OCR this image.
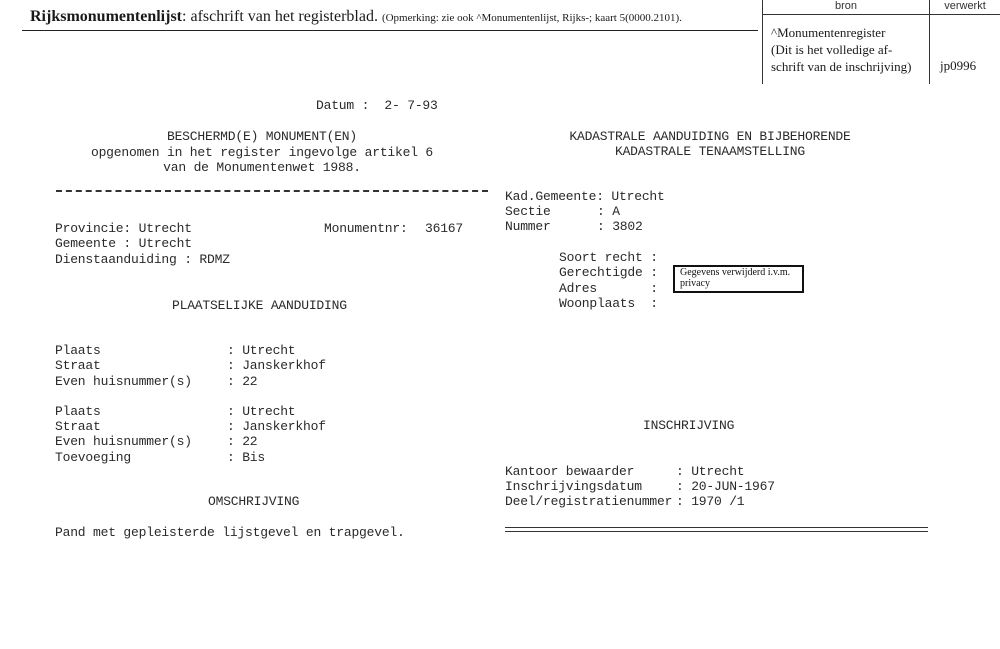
Rijksmonumentenlijst: afschrift van het registerblad. (Opmerking: zie ook ^Monumentenlijst, Rijks-; kaart 5(0000.2101).
bron	verwerkt
^Monumentenregister
(Dit is het volledige af-
schrift van de inschrijving) jp0996
Datum :  2- 7-93
BESCHERMD(E) MONUMENT(EN)
opgenomen in het register ingevolge artikel 6
van de Monumentenwet 1988.
KADASTRALE AANDUIDING EN BIJBEHORENDE
KADASTRALE TENAAMSTELLING
Provincie: Utrecht	Monumentnr: 36167
Gemeente : Utrecht
Dienstaanduiding : RDMZ
Kad.Gemeente: Utrecht
Sectie	: A
Nummer	: 3802
Soort recht :
Gerechtigde :
Adres       :
Woonplaats  :
Gegevens verwijderd i.v.m. privacy
PLAATSELIJKE AANDUIDING
Plaats	: Utrecht
Straat	: Janskerkhof
Even huisnummer(s)	: 22
Plaats	: Utrecht
Straat	: Janskerkhof
Even huisnummer(s)	: 22
Toevoeging	: Bis
INSCHRIJVING
Kantoor bewaarder	: Utrecht
Inschrijvingsdatum	: 20-JUN-1967
Deel/registratienummer : 1970 /1
OMSCHRIJVING
Pand met gepleisterde lijstgevel en trapgevel.
